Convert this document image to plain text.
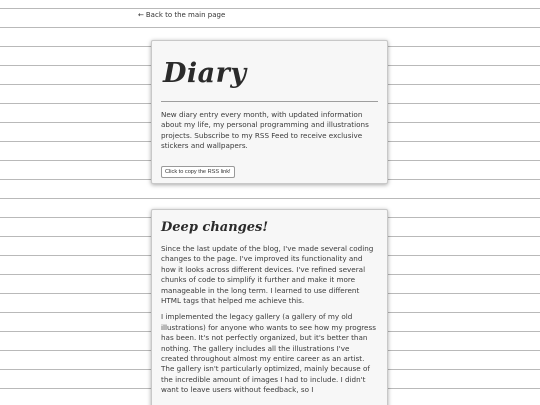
← Back to the main page
Diary

New diary entry every month, with updated information about my life, my personal programming and illustrations projects. Subscribe to my RSS Feed to receive exclusive stickers and wallpapers.

Click to copy the RSS link!
Deep changes!

Since the last update of the blog, I've made several coding changes to the page. I've improved its functionality and how it looks across different devices. I've refined several chunks of code to simplify it further and make it more manageable in the long term. I learned to use different HTML tags that helped me achieve this.

I implemented the legacy gallery (a gallery of my old illustrations) for anyone who wants to see how my progress has been. It's not perfectly organized, but it's better than nothing. The gallery includes all the illustrations I've created throughout almost my entire career as an artist. The gallery isn't particularly optimized, mainly because of the incredible amount of images I had to include. I didn't want to leave users without feedback, so I
